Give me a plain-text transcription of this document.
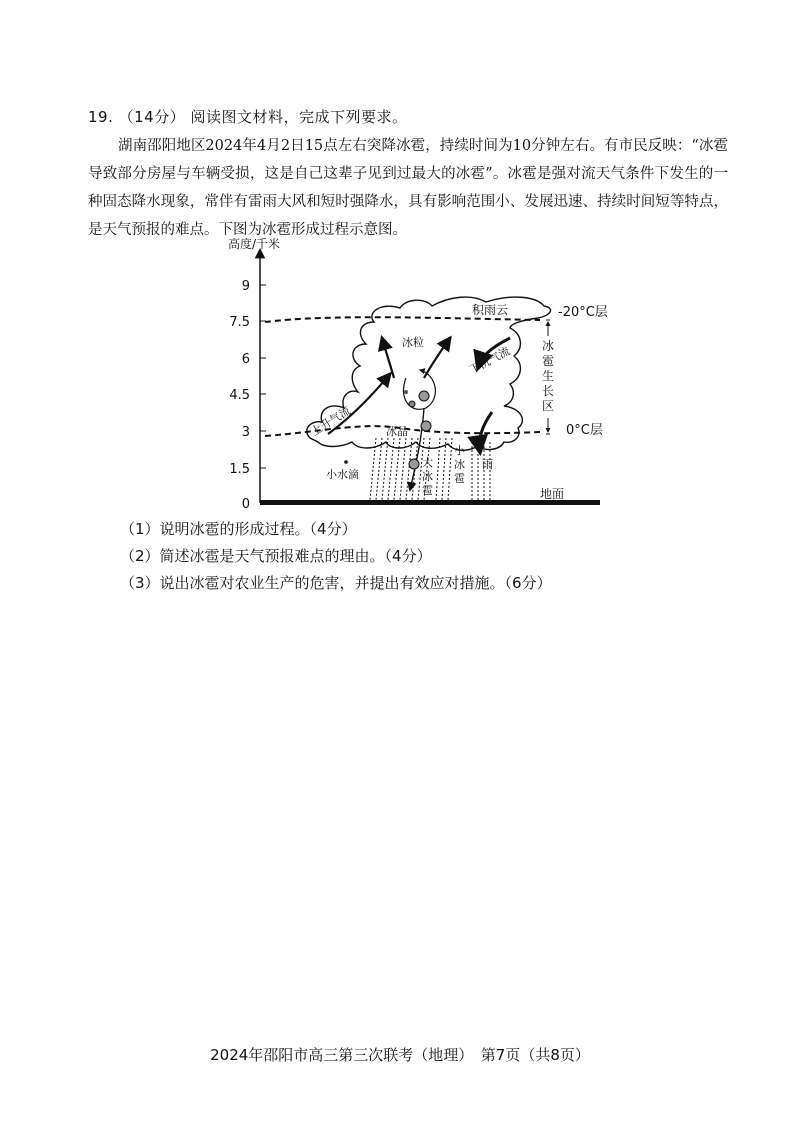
19. （14分） 阅读图文材料，完成下列要求。
湖南邵阳地区2024年4月2日15点左右突降冰雹，持续时间为10分钟左右。有市民反映：“冰雹导致部分房屋与车辆受损，这是自己这辈子见到过最大的冰雹”。冰雹是强对流天气条件下发生的一种固态降水现象，常伴有雷雨大风和短时强降水，具有影响范围小、发展迅速、持续时间短等特点，是天气预报的难点。下图为冰雹形成过程示意图。
高度/千米
9
7.5
6
4.5
3
1.5
0
地面
积雨云	-20°C层
0°C层
冰
雹
生
长
区
冰粒
下沉气流
上升气流	冰晶
小水滴
大
冰
雹
小
冰
雹
雨
（1）说明冰雹的形成过程。（4分）
（2）简述冰雹是天气预报难点的理由。（4分）
（3）说出冰雹对农业生产的危害，并提出有效应对措施。（6分）
2024年邵阳市高三第三次联考（地理）　第7页（共8页）
